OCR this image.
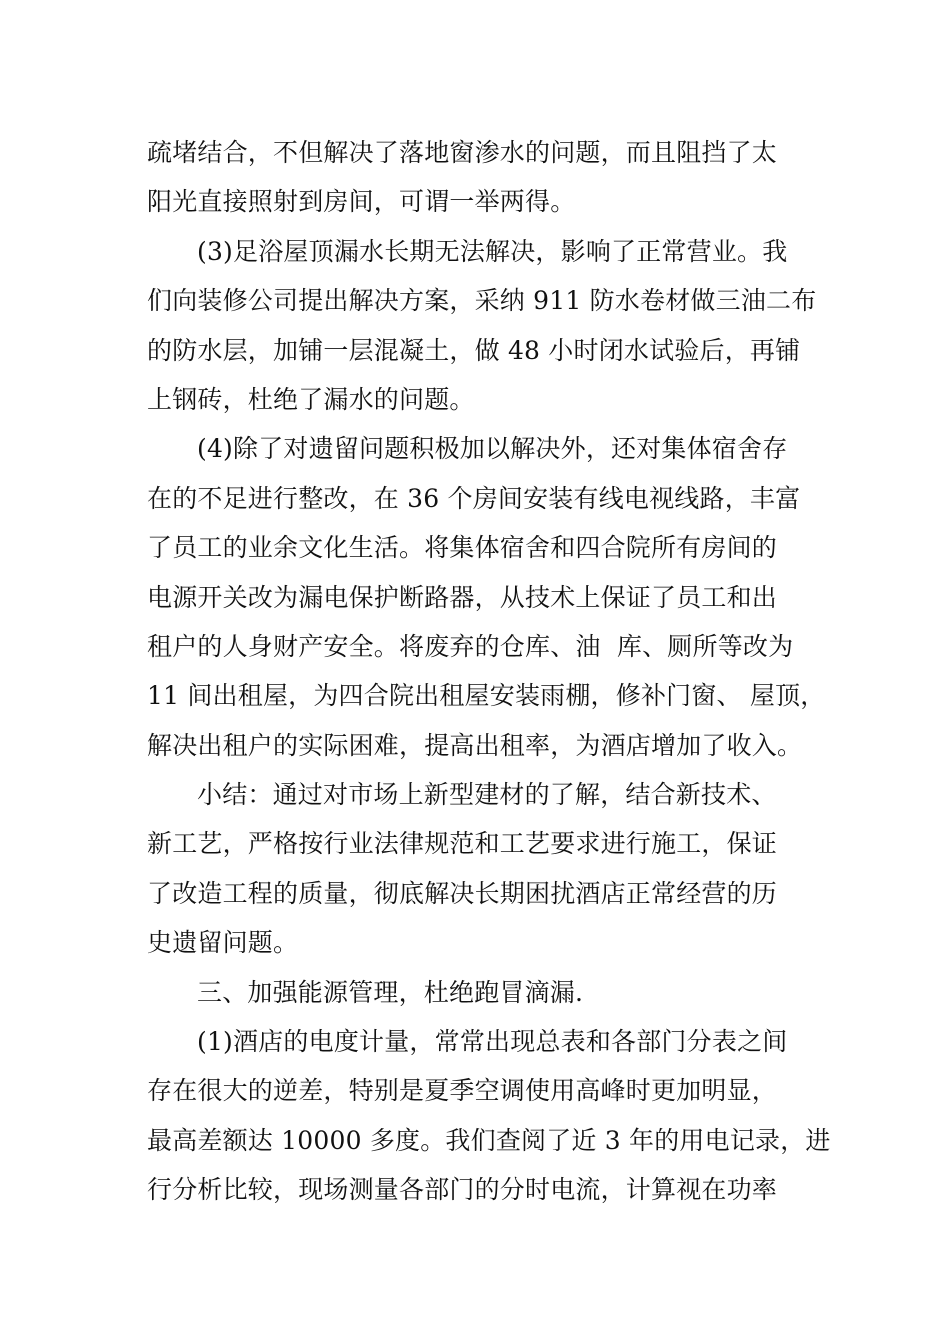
疏堵结合，不但解决了落地窗渗水的问题，而且阻挡了太
阳光直接照射到房间，可谓一举两得。
(3)足浴屋顶漏水长期无法解决，影响了正常营业。我
们向装修公司提出解决方案，采纳 911 防水卷材做三油二布
的防水层，加铺一层混凝土，做 48 小时闭水试验后，再铺
上钢砖，杜绝了漏水的问题。
(4)除了对遗留问题积极加以解决外，还对集体宿舍存
在的不足进行整改，在 36 个房间安装有线电视线路，丰富
了员工的业余文化生活。将集体宿舍和四合院所有房间的
电源开关改为漏电保护断路器，从技术上保证了员工和出
租户的人身财产安全。将废弃的仓库、油  库、厕所等改为
11 间出租屋，为四合院出租屋安装雨棚，修补门窗、 屋顶，
解决出租户的实际困难，提高出租率，为酒店增加了收入。
小结：通过对市场上新型建材的了解，结合新技术、
新工艺，严格按行业法律规范和工艺要求进行施工，保证
了改造工程的质量，彻底解决长期困扰酒店正常经营的历
史遗留问题。
三、加强能源管理，杜绝跑冒滴漏.
(1)酒店的电度计量，常常出现总表和各部门分表之间
存在很大的逆差，特别是夏季空调使用高峰时更加明显，
最高差额达 10000 多度。我们查阅了近 3 年的用电记录，进
行分析比较，现场测量各部门的分时电流，计算视在功率
